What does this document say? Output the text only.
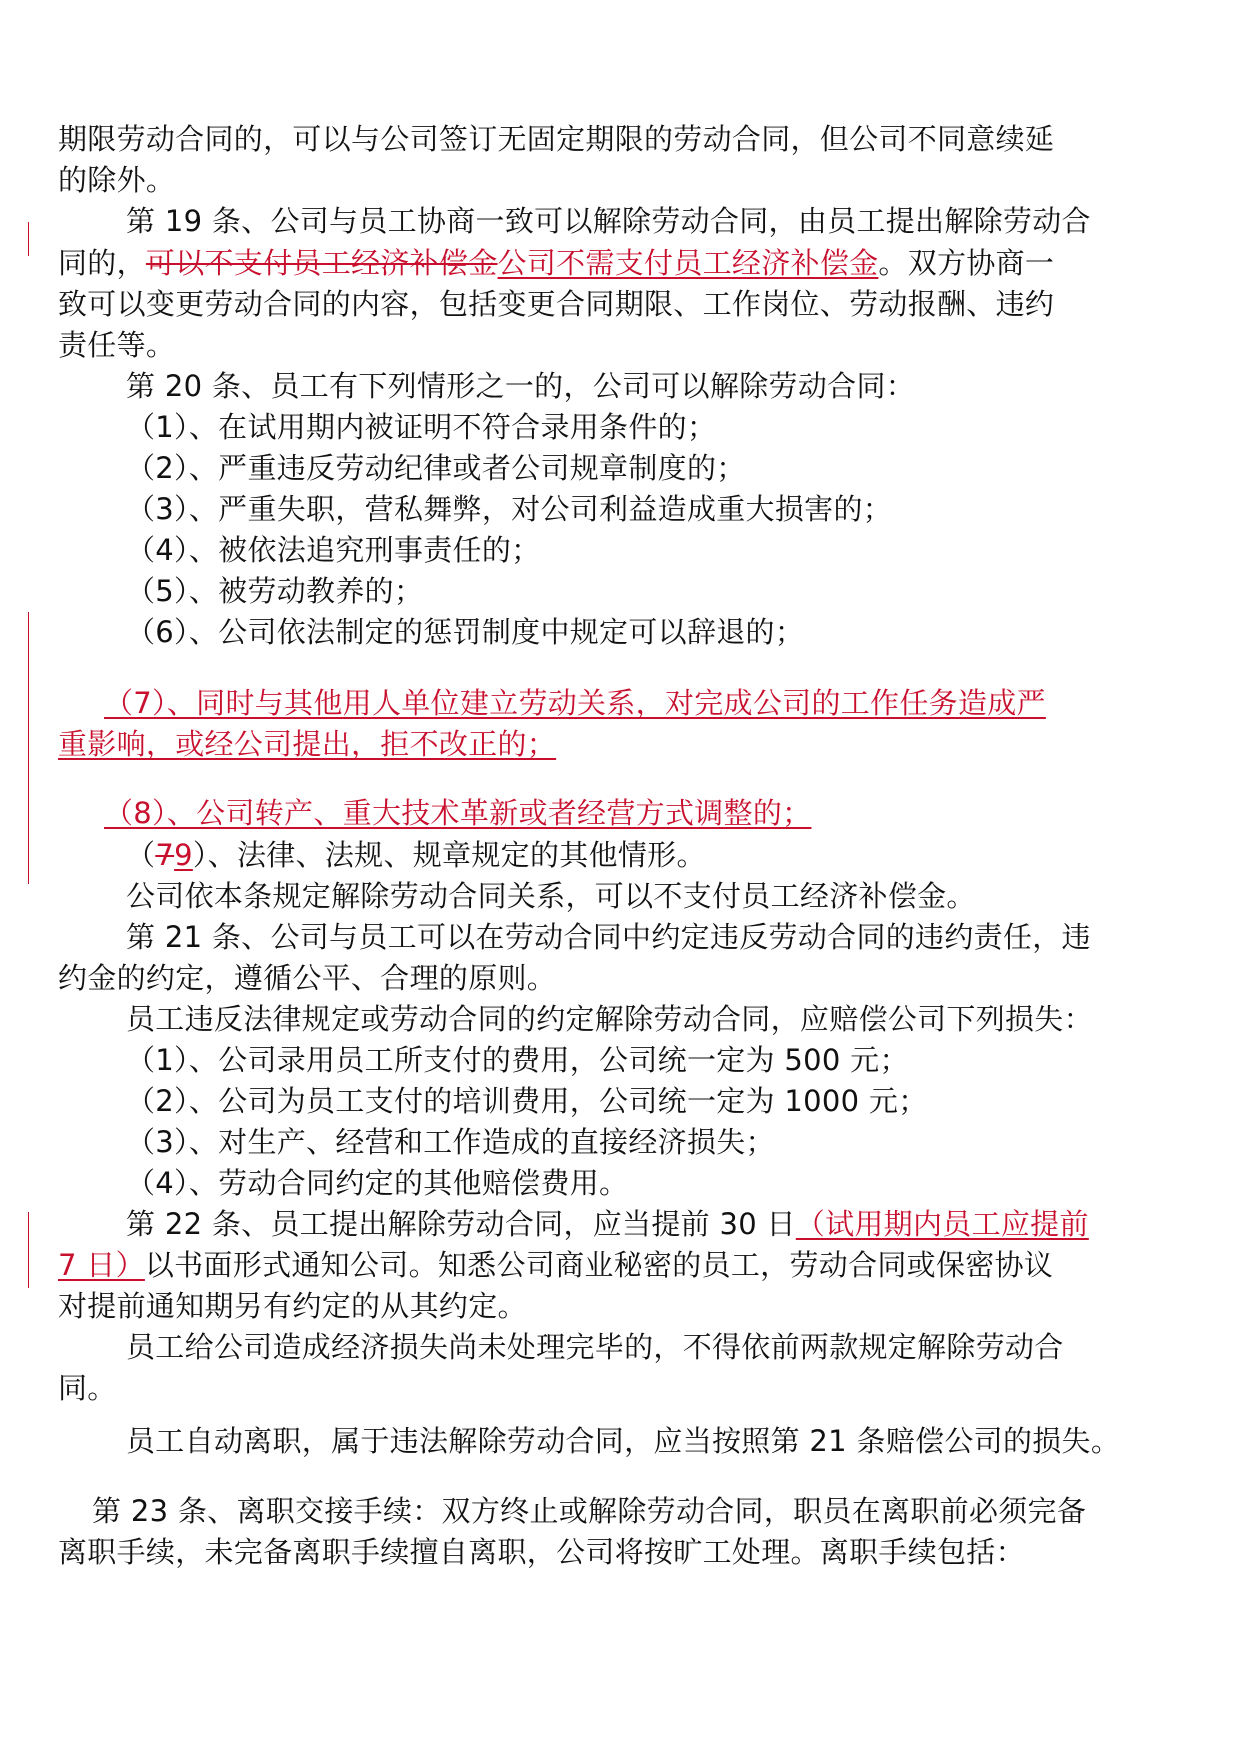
期限劳动合同的，可以与公司签订无固定期限的劳动合同，但公司不同意续延
的除外。
第 19 条、公司与员工协商一致可以解除劳动合同，由员工提出解除劳动合
同的，可以不支付员工经济补偿金公司不需支付员工经济补偿金。双方协商一
致可以变更劳动合同的内容，包括变更合同期限、工作岗位、劳动报酬、违约
责任等。
第 20 条、员工有下列情形之一的，公司可以解除劳动合同：
（1）、在试用期内被证明不符合录用条件的；
（2）、严重违反劳动纪律或者公司规章制度的；
（3）、严重失职，营私舞弊，对公司利益造成重大损害的；
（4）、被依法追究刑事责任的；
（5）、被劳动教养的；
（6）、公司依法制定的惩罚制度中规定可以辞退的；
（7）、同时与其他用人单位建立劳动关系，对完成公司的工作任务造成严
重影响，或经公司提出，拒不改正的；
（8）、公司转产、重大技术革新或者经营方式调整的；
（79）、法律、法规、规章规定的其他情形。
公司依本条规定解除劳动合同关系，可以不支付员工经济补偿金。
第 21 条、公司与员工可以在劳动合同中约定违反劳动合同的违约责任，违
约金的约定，遵循公平、合理的原则。
员工违反法律规定或劳动合同的约定解除劳动合同，应赔偿公司下列损失：
（1）、公司录用员工所支付的费用，公司统一定为 500 元；
（2）、公司为员工支付的培训费用，公司统一定为 1000 元；
（3）、对生产、经营和工作造成的直接经济损失；
（4）、劳动合同约定的其他赔偿费用。
第 22 条、员工提出解除劳动合同，应当提前 30 日（试用期内员工应提前
7 日）以书面形式通知公司。知悉公司商业秘密的员工，劳动合同或保密协议
对提前通知期另有约定的从其约定。
员工给公司造成经济损失尚未处理完毕的，不得依前两款规定解除劳动合
同。
员工自动离职，属于违法解除劳动合同，应当按照第 21 条赔偿公司的损失。
第 23 条、离职交接手续：双方终止或解除劳动合同，职员在离职前必须完备
离职手续，未完备离职手续擅自离职，公司将按旷工处理。离职手续包括：
